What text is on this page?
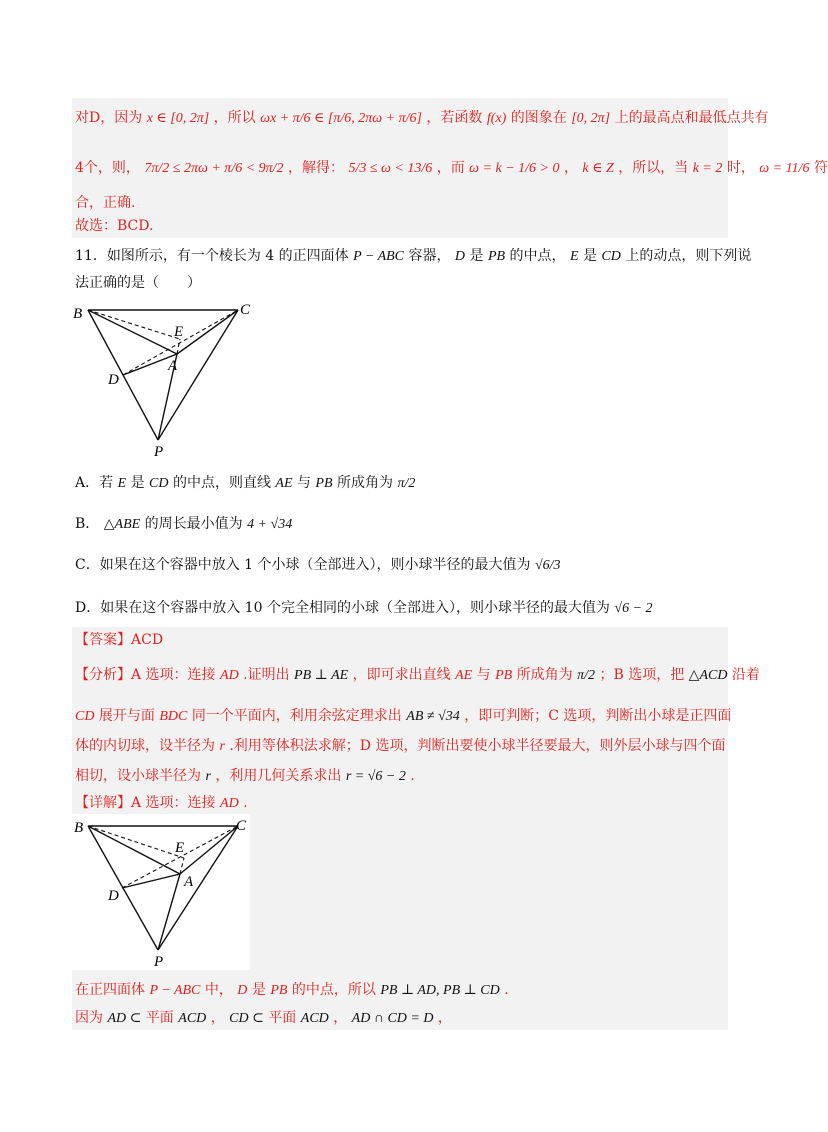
对D，因为 x ∈ [0, 2π] ，所以 ωx + π/6 ∈ [π/6, 2πω + π/6] ，若函数 f(x) 的图象在 [0, 2π] 上的最高点和最低点共有
4个，则， 7π/2 ≤ 2πω + π/6 < 9π/2 ，解得： 5/3 ≤ ω < 13/6 ，而 ω = k − 1/6 > 0 ， k ∈ Z ，所以，当 k = 2 时， ω = 11/6 符
合，正确.
故选：BCD.
11．如图所示，有一个棱长为 4 的正四面体 P − ABC 容器， D 是 PB 的中点， E 是 CD 上的动点，则下列说
法正确的是（　　）
B	C
E
A
D
P
A．若 E 是 CD 的中点，则直线 AE 与 PB 所成角为 π/2
B． △ABE 的周长最小值为 4 + √34
C．如果在这个容器中放入 1 个小球（全部进入），则小球半径的最大值为 √6/3
D．如果在这个容器中放入 10 个完全相同的小球（全部进入），则小球半径的最大值为 √6 − 2
【答案】ACD
【分析】A 选项：连接 AD .证明出 PB ⊥ AE ，即可求出直线 AE 与 PB 所成角为 π/2 ；B 选项，把 △ACD 沿着
CD 展开与面 BDC 同一个平面内，利用余弦定理求出 AB ≠ √34 ，即可判断；C 选项，判断出小球是正四面
体的内切球，设半径为 r .利用等体积法求解；D 选项，判断出要使小球半径要最大，则外层小球与四个面
相切，设小球半径为 r ，利用几何关系求出 r = √6 − 2 .
【详解】A 选项：连接 AD .
B	C
E
A
D
P
在正四面体 P − ABC 中， D 是 PB 的中点，所以 PB ⊥ AD, PB ⊥ CD .
因为 AD ⊂ 平面 ACD ， CD ⊂ 平面 ACD ， AD ∩ CD = D ，
